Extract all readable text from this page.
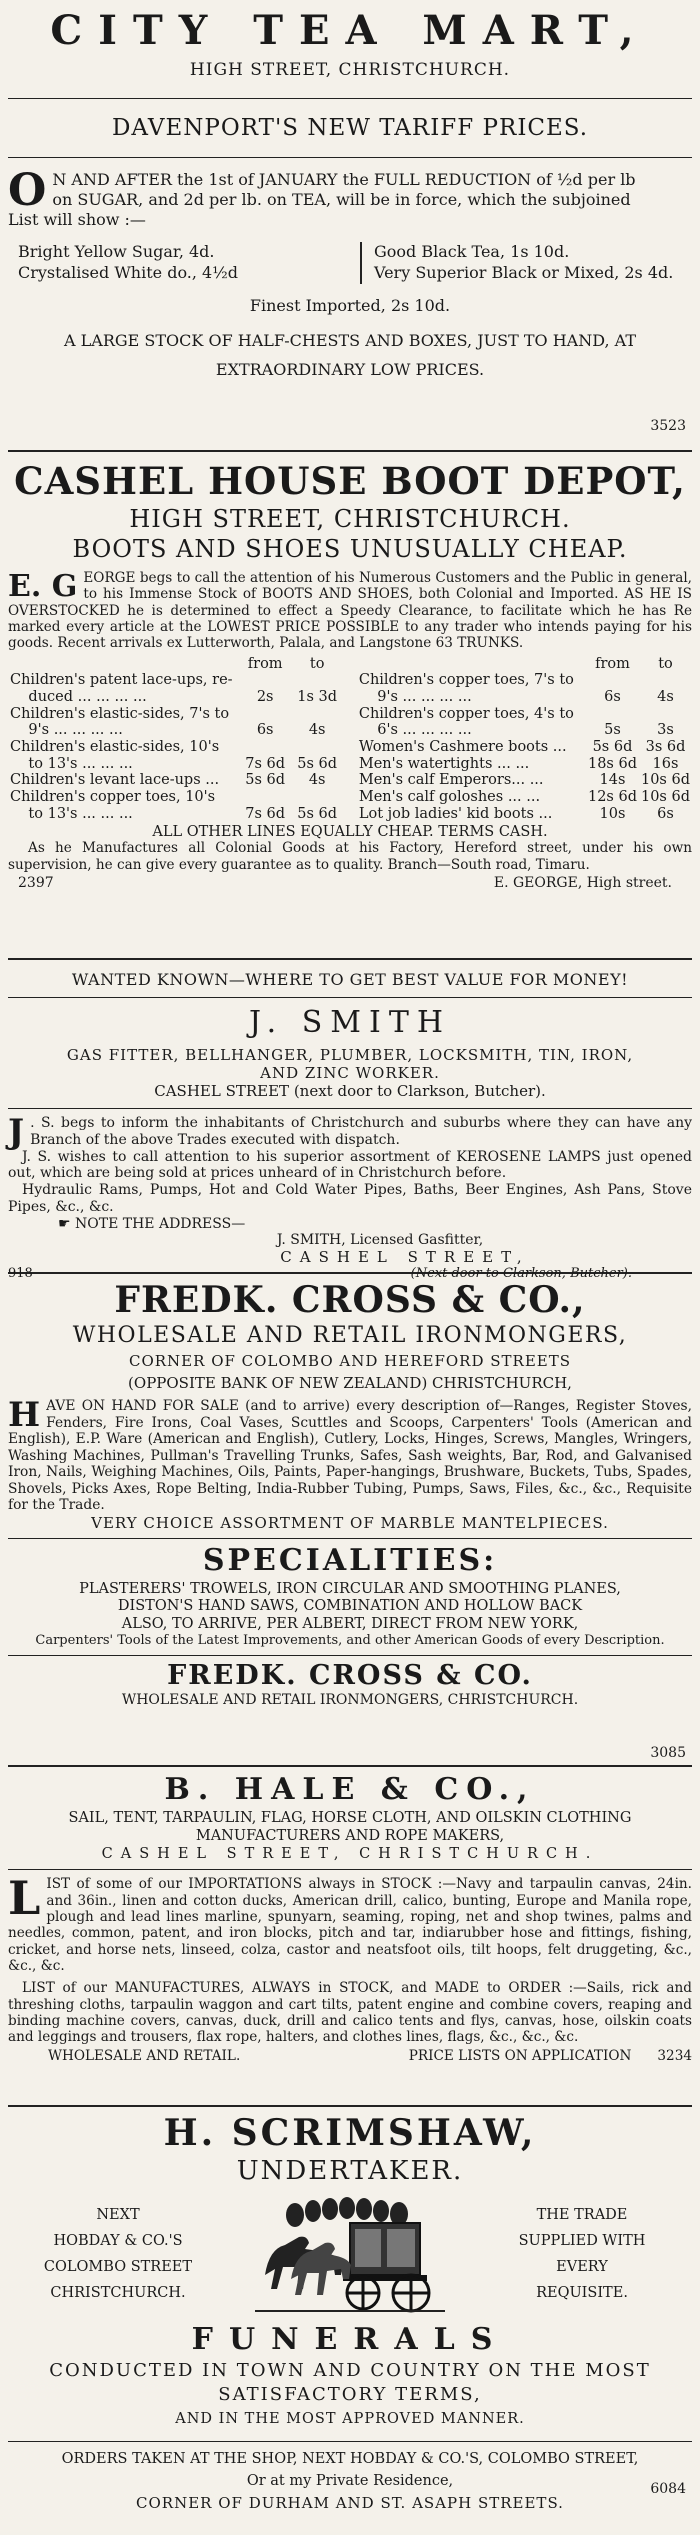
CITY TEA MART,
HIGH STREET, CHRISTCHURCH.
DAVENPORT'S NEW TARIFF PRICES.
O N AND AFTER the 1st of JANUARY the FULL REDUCTION of ½d per lb
on SUGAR, and 2d per lb. on TEA, will be in force, which the subjoined
List will show :—
Bright Yellow Sugar, 4d.
Crystalised White do., 4½d
Good Black Tea, 1s 10d.
Very Superior Black or Mixed, 2s 4d.
Finest Imported, 2s 10d.
A LARGE STOCK OF HALF-CHESTS AND BOXES, JUST TO HAND, AT
EXTRAORDINARY LOW PRICES.
3523
CASHEL HOUSE BOOT DEPOT,
HIGH STREET, CHRISTCHURCH.
BOOTS AND SHOES UNUSUALLY CHEAP.
E. G EORGE begs to call the attention of his Numerous Customers and the Public in general, to his Immense Stock of BOOTS AND SHOES, both Colonial and Imported. AS HE IS OVERSTOCKED he is determined to effect a Speedy Clearance, to facilitate which he has Re marked every article at the LOWEST PRICE POSSIBLE to any trader who intends paying for his goods. Recent arrivals ex Lutterworth, Palala, and Langstone 63 TRUNKS.
	from	to
Children's patent lace-ups, re-		
duced ... ... ... ...	2s	1s 3d
Children's elastic-sides, 7's to		
9's ... ... ... ...	6s	4s
Children's elastic-sides, 10's		
to 13's ... ... ...	7s 6d	5s 6d
Children's levant lace-ups ...	5s 6d	4s
Children's copper toes, 10's		
to 13's ... ... ...	7s 6d	5s 6d
	from	to
Children's copper toes, 7's to		
9's ... ... ... ...	6s	4s
Children's copper toes, 4's to		
6's ... ... ... ...	5s	3s
Women's Cashmere boots ...	5s 6d	3s 6d
Men's watertights ... ...	18s 6d	16s
Men's calf Emperors... ...	14s	10s 6d
Men's calf goloshes ... ...	12s 6d	10s 6d
Lot job ladies' kid boots ...	10s	6s
ALL OTHER LINES EQUALLY CHEAP. TERMS CASH.
As he Manufactures all Colonial Goods at his Factory, Hereford street, under his own supervision, he can give every guarantee as to quality. Branch—South road, Timaru.
2397	E. GEORGE, High street.
WANTED KNOWN—WHERE TO GET BEST VALUE FOR MONEY!
J. SMITH
GAS FITTER, BELLHANGER, PLUMBER, LOCKSMITH, TIN, IRON,
AND ZINC WORKER.
CASHEL STREET (next door to Clarkson, Butcher).
J . S. begs to inform the inhabitants of Christchurch and suburbs where they can have any Branch of the above Trades executed with dispatch.
J. S. wishes to call attention to his superior assortment of KEROSENE LAMPS just opened out, which are being sold at prices unheard of in Christchurch before.
Hydraulic Rams, Pumps, Hot and Cold Water Pipes, Baths, Beer Engines, Ash Pans, Stove Pipes, &c., &c.
☛ NOTE THE ADDRESS—
J. SMITH, Licensed Gasfitter,
CASHEL STREET,
918	(Next door to Clarkson, Butcher).
FREDK. CROSS & CO.,
WHOLESALE AND RETAIL IRONMONGERS,
CORNER OF COLOMBO AND HEREFORD STREETS
(OPPOSITE BANK OF NEW ZEALAND) CHRISTCHURCH,
H AVE ON HAND FOR SALE (and to arrive) every description of—Ranges, Register Stoves, Fenders, Fire Irons, Coal Vases, Scuttles and Scoops, Carpenters' Tools (American and English), E.P. Ware (American and English), Cutlery, Locks, Hinges, Screws, Mangles, Wringers, Washing Machines, Pullman's Travelling Trunks, Safes, Sash weights, Bar, Rod, and Galvanised Iron, Nails, Weighing Machines, Oils, Paints, Paper-hangings, Brushware, Buckets, Tubs, Spades, Shovels, Picks Axes, Rope Belting, India-Rubber Tubing, Pumps, Saws, Files, &c., &c., Requisite for the Trade.
VERY CHOICE ASSORTMENT OF MARBLE MANTELPIECES.
SPECIALITIES:
PLASTERERS' TROWELS, IRON CIRCULAR AND SMOOTHING PLANES,
DISTON'S HAND SAWS, COMBINATION AND HOLLOW BACK
ALSO, TO ARRIVE, PER ALBERT, DIRECT FROM NEW YORK,
Carpenters' Tools of the Latest Improvements, and other American Goods of every Description.
FREDK. CROSS & CO.
WHOLESALE AND RETAIL IRONMONGERS, CHRISTCHURCH.
3085
B. HALE & CO.,
SAIL, TENT, TARPAULIN, FLAG, HORSE CLOTH, AND OILSKIN CLOTHING
MANUFACTURERS AND ROPE MAKERS,
CASHEL STREET, CHRISTCHURCH.
L IST of some of our IMPORTATIONS always in STOCK :—Navy and tarpaulin canvas, 24in. and 36in., linen and cotton ducks, American drill, calico, bunting, Europe and Manila rope, plough and lead lines marline, spunyarn, seaming, roping, net and shop twines, palms and needles, common, patent, and iron blocks, pitch and tar, indiarubber hose and fittings, fishing, cricket, and horse nets, linseed, colza, castor and neatsfoot oils, tilt hoops, felt druggeting, &c., &c., &c.
LIST of our MANUFACTURES, ALWAYS in STOCK, and MADE to ORDER :—Sails, rick and threshing cloths, tarpaulin waggon and cart tilts, patent engine and combine covers, reaping and binding machine covers, canvas, duck, drill and calico tents and flys, canvas, hose, oilskin coats and leggings and trousers, flax rope, halters, and clothes lines, flags, &c., &c., &c.
WHOLESALE AND RETAIL.	PRICE LISTS ON APPLICATION 3234
H. SCRIMSHAW,
UNDERTAKER.
NEXT
HOBDAY & CO.'S
COLOMBO STREET
CHRISTCHURCH.
THE TRADE
SUPPLIED WITH
EVERY
REQUISITE.
FUNERALS
CONDUCTED IN TOWN AND COUNTRY ON THE MOST
SATISFACTORY TERMS,
AND IN THE MOST APPROVED MANNER.
6084
ORDERS TAKEN AT THE SHOP, NEXT HOBDAY & CO.'S, COLOMBO STREET,
Or at my Private Residence,
CORNER OF DURHAM AND ST. ASAPH STREETS.
